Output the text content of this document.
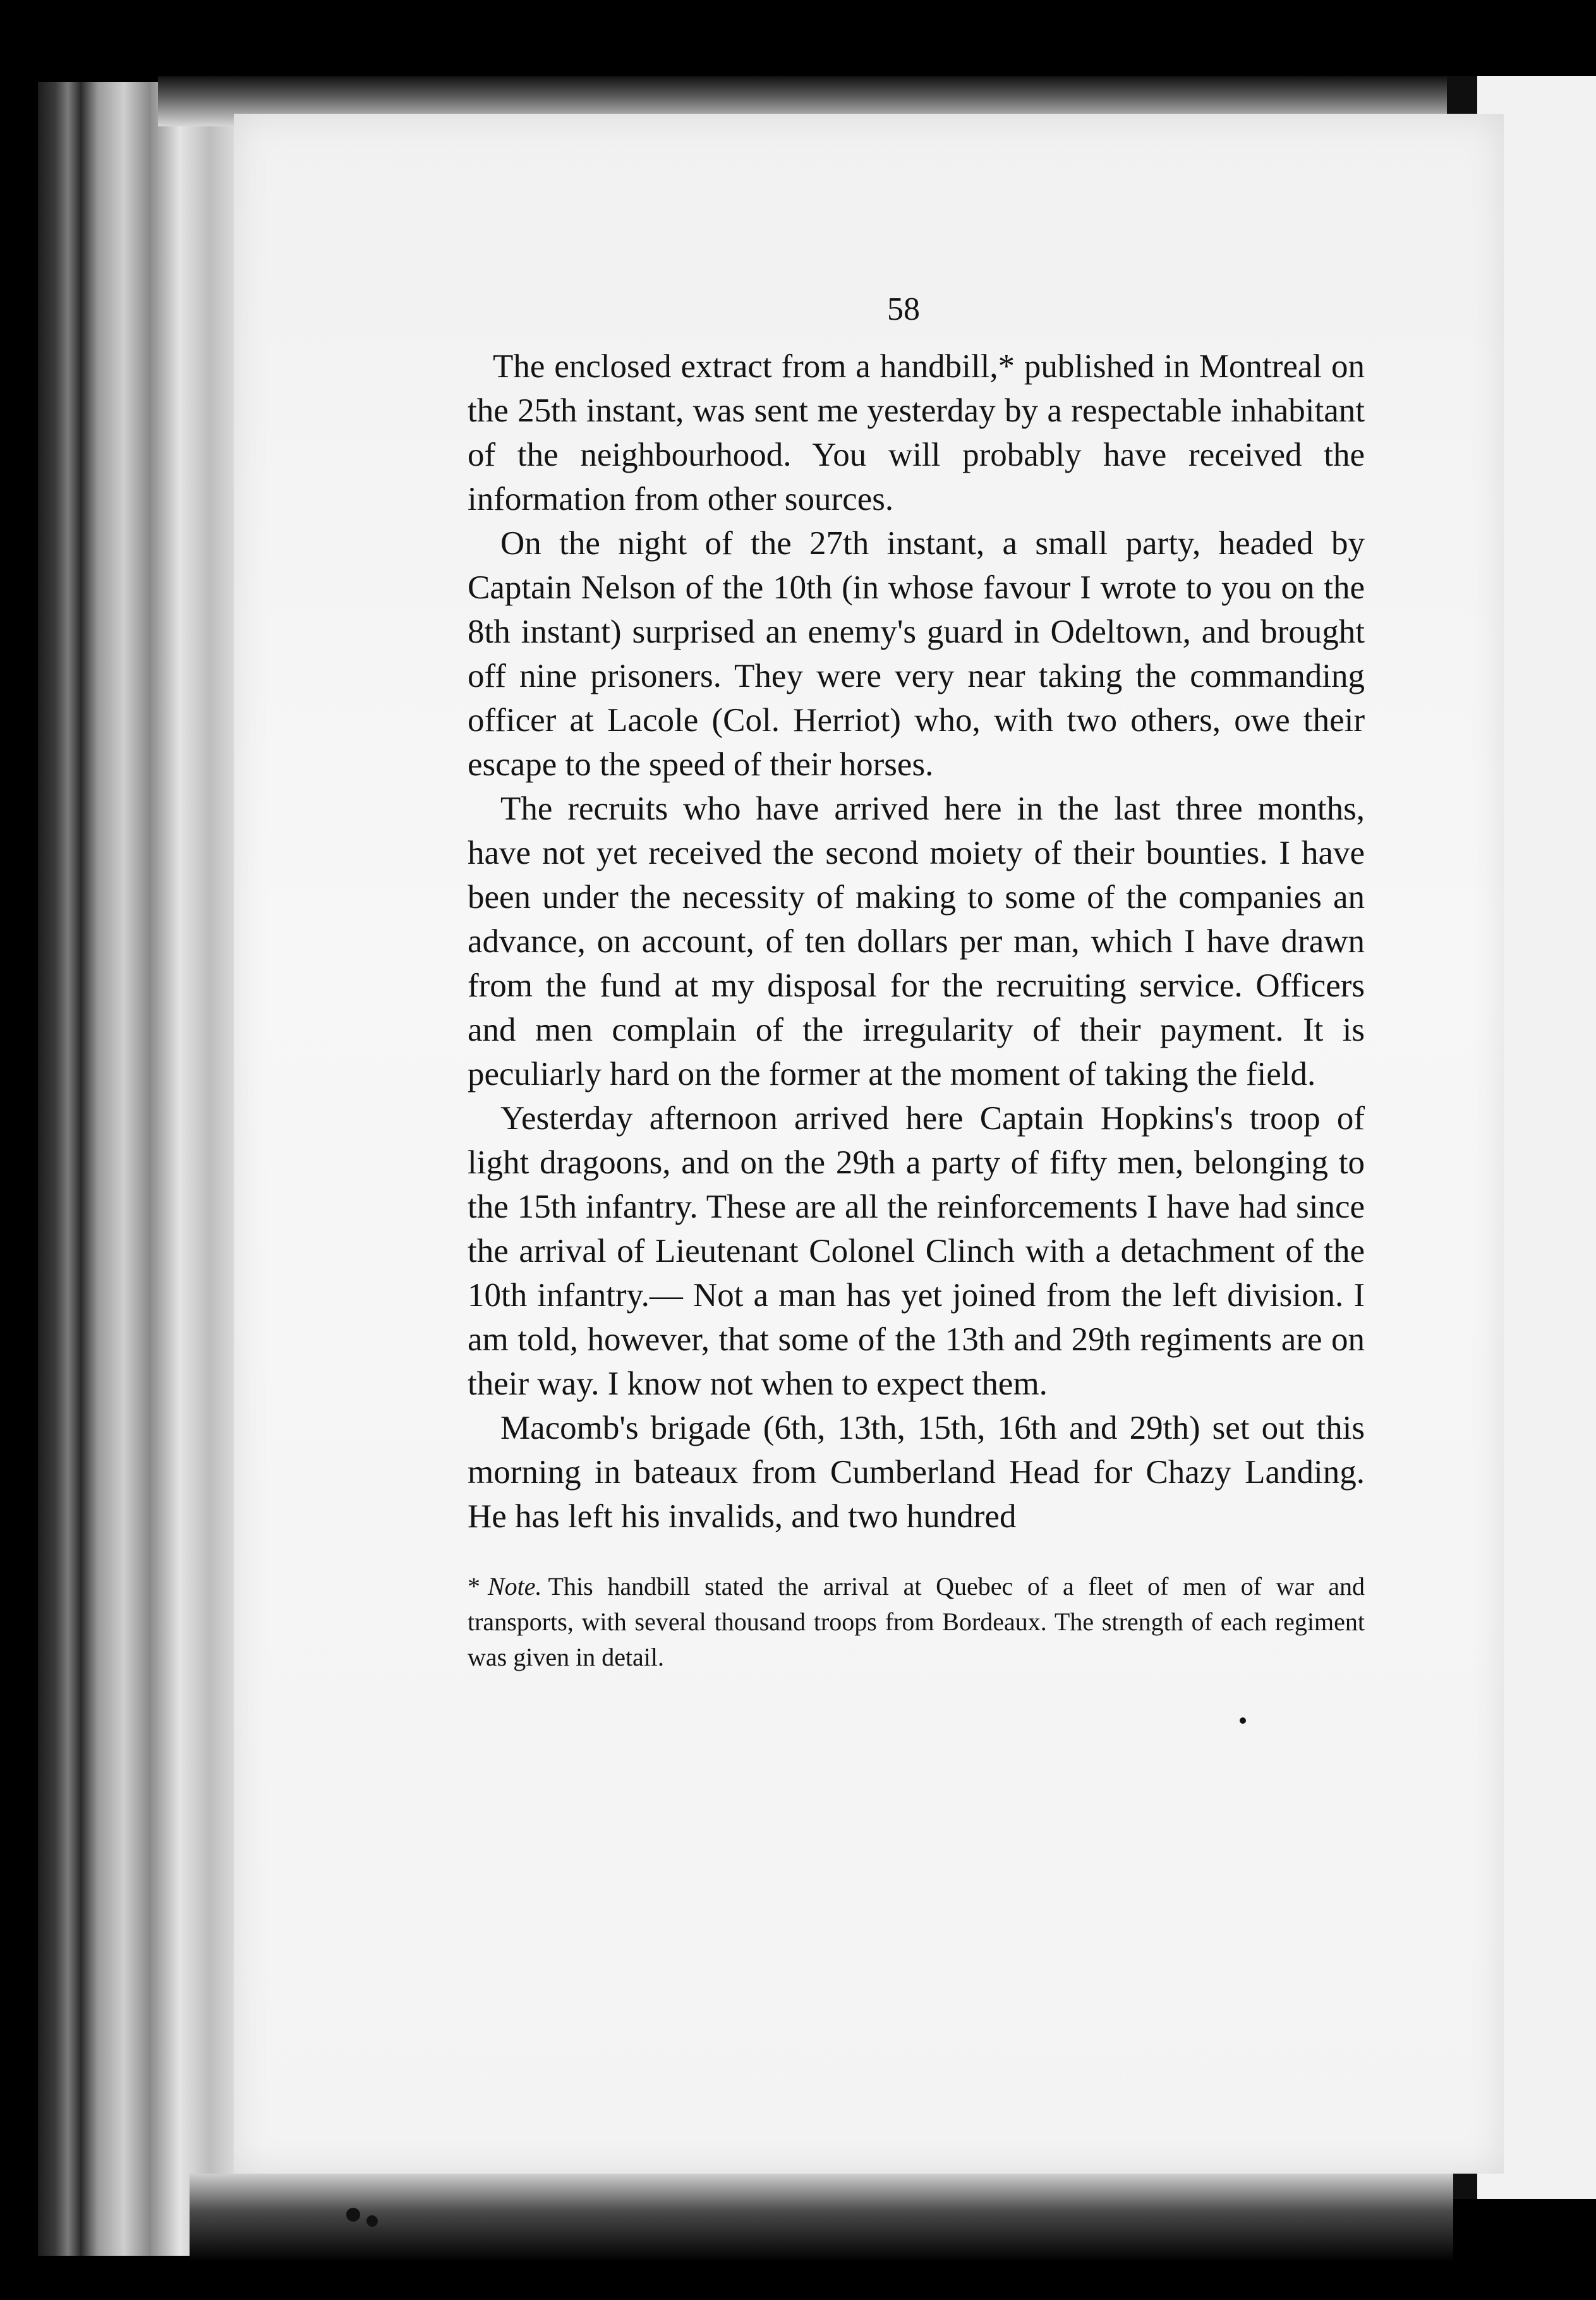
58

The enclosed extract from a handbill,* published in Montreal on the 25th instant, was sent me yesterday by a respectable inhabitant of the neighbourhood. You will probably have received the information from other sources.

On the night of the 27th instant, a small party, headed by Captain Nelson of the 10th (in whose favour I wrote to you on the 8th instant) surprised an enemy's guard in Odeltown, and brought off nine prisoners. They were very near taking the commanding officer at Lacole (Col. Herriot) who, with two others, owe their escape to the speed of their horses.

The recruits who have arrived here in the last three months, have not yet received the second moiety of their bounties. I have been under the necessity of making to some of the companies an advance, on account, of ten dollars per man, which I have drawn from the fund at my disposal for the recruiting service. Officers and men complain of the irregularity of their payment. It is peculiarly hard on the former at the moment of taking the field.

Yesterday afternoon arrived here Captain Hopkins's troop of light dragoons, and on the 29th a party of fifty men, belonging to the 15th infantry. These are all the reinforcements I have had since the arrival of Lieutenant Colonel Clinch with a detachment of the 10th infantry.— Not a man has yet joined from the left division. I am told, however, that some of the 13th and 29th regiments are on their way. I know not when to expect them.

Macomb's brigade (6th, 13th, 15th, 16th and 29th) set out this morning in bateaux from Cumberland Head for Chazy Landing. He has left his invalids, and two hundred

* Note. This handbill stated the arrival at Quebec of a fleet of men of war and transports, with several thousand troops from Bordeaux. The strength of each regiment was given in detail.
